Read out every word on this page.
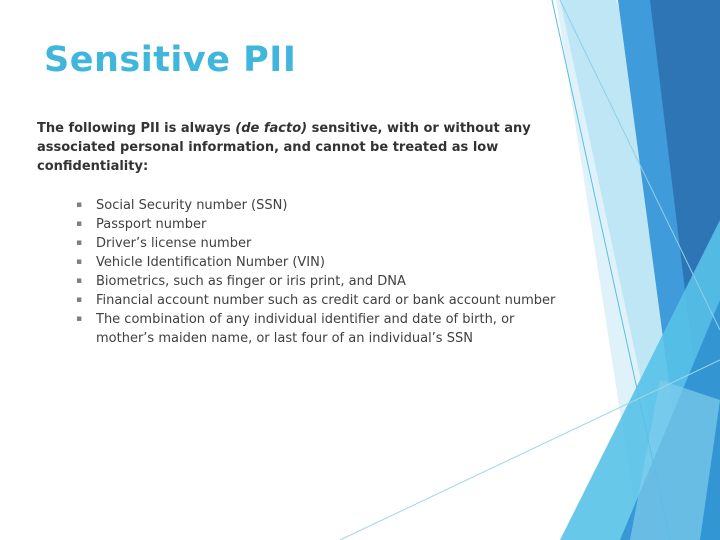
Sensitive PII

The following PII is always (de facto) sensitive, with or without any associated personal information, and cannot be treated as low confidentiality:

▪ Social Security number (SSN)
▪ Passport number
▪ Driver’s license number
▪ Vehicle Identification Number (VIN)
▪ Biometrics, such as finger or iris print, and DNA
▪ Financial account number such as credit card or bank account number
▪ The combination of any individual identifier and date of birth, or mother’s maiden name, or last four of an individual’s SSN
